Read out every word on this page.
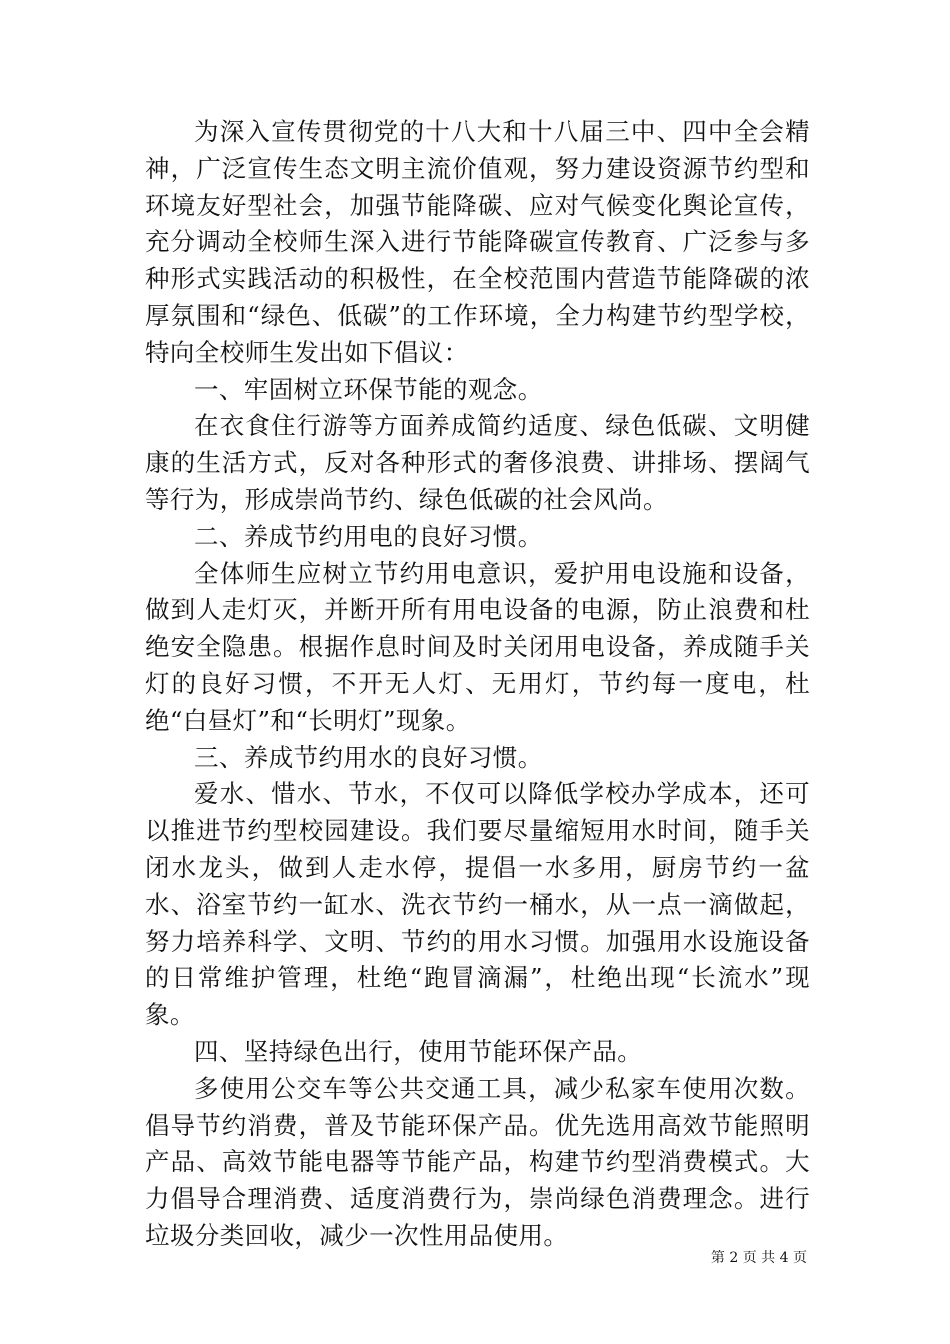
为深入宣传贯彻党的十八大和十八届三中、四中全会精神，广泛宣传生态文明主流价值观，努力建设资源节约型和环境友好型社会，加强节能降碳、应对气候变化舆论宣传，充分调动全校师生深入进行节能降碳宣传教育、广泛参与多种形式实践活动的积极性，在全校范围内营造节能降碳的浓厚氛围和“绿色、低碳”的工作环境，全力构建节约型学校，特向全校师生发出如下倡议：

一、牢固树立环保节能的观念。

在衣食住行游等方面养成简约适度、绿色低碳、文明健康的生活方式，反对各种形式的奢侈浪费、讲排场、摆阔气等行为，形成崇尚节约、绿色低碳的社会风尚。

二、养成节约用电的良好习惯。

全体师生应树立节约用电意识，爱护用电设施和设备，做到人走灯灭，并断开所有用电设备的电源，防止浪费和杜绝安全隐患。根据作息时间及时关闭用电设备，养成随手关灯的良好习惯，不开无人灯、无用灯，节约每一度电，杜绝“白昼灯”和“长明灯”现象。

三、养成节约用水的良好习惯。

爱水、惜水、节水，不仅可以降低学校办学成本，还可以推进节约型校园建设。我们要尽量缩短用水时间，随手关闭水龙头，做到人走水停，提倡一水多用，厨房节约一盆水、浴室节约一缸水、洗衣节约一桶水，从一点一滴做起，努力培养科学、文明、节约的用水习惯。加强用水设施设备的日常维护管理，杜绝“跑冒滴漏”，杜绝出现“长流水”现象。

四、坚持绿色出行，使用节能环保产品。

多使用公交车等公共交通工具，减少私家车使用次数。倡导节约消费，普及节能环保产品。优先选用高效节能照明产品、高效节能电器等节能产品，构建节约型消费模式。大力倡导合理消费、适度消费行为，崇尚绿色消费理念。进行垃圾分类回收，减少一次性用品使用。

第 2 页 共 4 页
